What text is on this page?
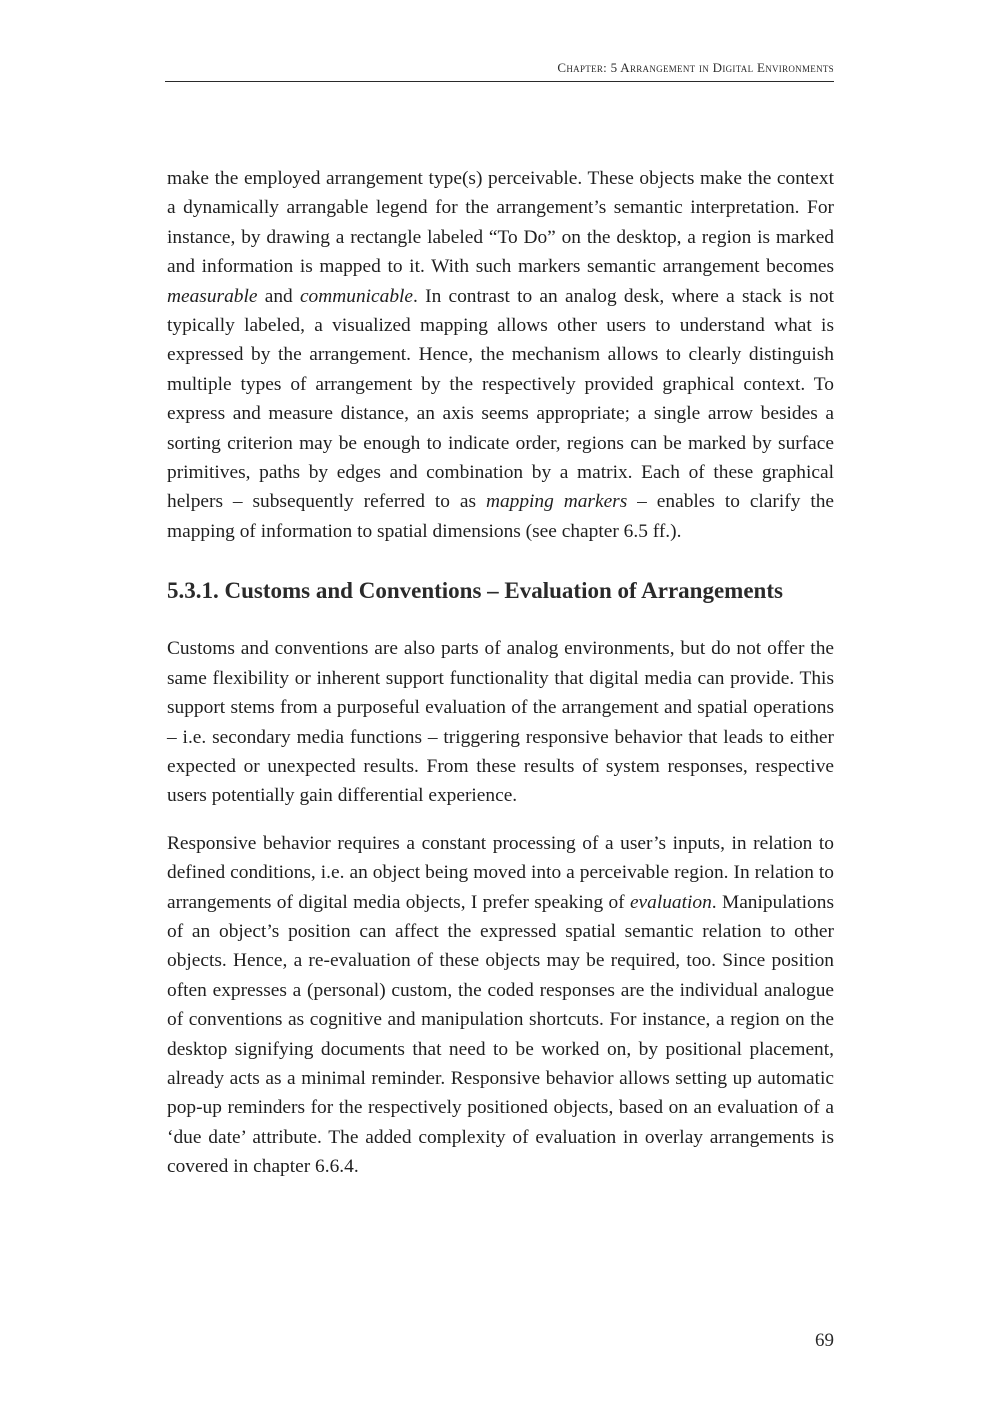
Chapter: 5 Arrangement in Digital Environments

make the employed arrangement type(s) perceivable. These objects make the context a dynamically arrangable legend for the arrangement’s semantic interpretation. For instance, by drawing a rectangle labeled “To Do” on the desktop, a region is marked and information is mapped to it. With such markers semantic arrangement becomes measurable and communicable. In contrast to an analog desk, where a stack is not typically labeled, a visualized mapping allows other users to understand what is expressed by the arrangement. Hence, the mechanism allows to clearly distinguish multiple types of arrangement by the respectively provided graphical context. To express and measure distance, an axis seems appropriate; a single arrow besides a sorting criterion may be enough to indicate order, regions can be marked by surface primitives, paths by edges and combination by a matrix. Each of these graphical helpers – subsequently referred to as mapping markers – enables to clarify the mapping of information to spatial dimensions (see chapter 6.5 ff.).

5.3.1. Customs and Conventions – Evaluation of Arrangements

Customs and conventions are also parts of analog environments, but do not offer the same flexibility or inherent support functionality that digital media can provide. This support stems from a purposeful evaluation of the arrangement and spatial operations – i.e. secondary media functions – triggering responsive behavior that leads to either expected or unexpected results. From these results of system responses, respective users potentially gain differential experience.

Responsive behavior requires a constant processing of a user’s inputs, in relation to defined conditions, i.e. an object being moved into a perceivable region. In relation to arrangements of digital media objects, I prefer speaking of evaluation. Manipulations of an object’s position can affect the expressed spatial semantic relation to other objects. Hence, a re-evaluation of these objects may be required, too. Since position often expresses a (personal) custom, the coded responses are the individual analogue of conventions as cognitive and manipulation shortcuts. For instance, a region on the desktop signifying documents that need to be worked on, by positional placement, already acts as a minimal reminder. Responsive behavior allows setting up automatic pop-up reminders for the respectively positioned objects, based on an evaluation of a ‘due date’ attribute. The added complexity of evaluation in overlay arrangements is covered in chapter 6.6.4.

69
